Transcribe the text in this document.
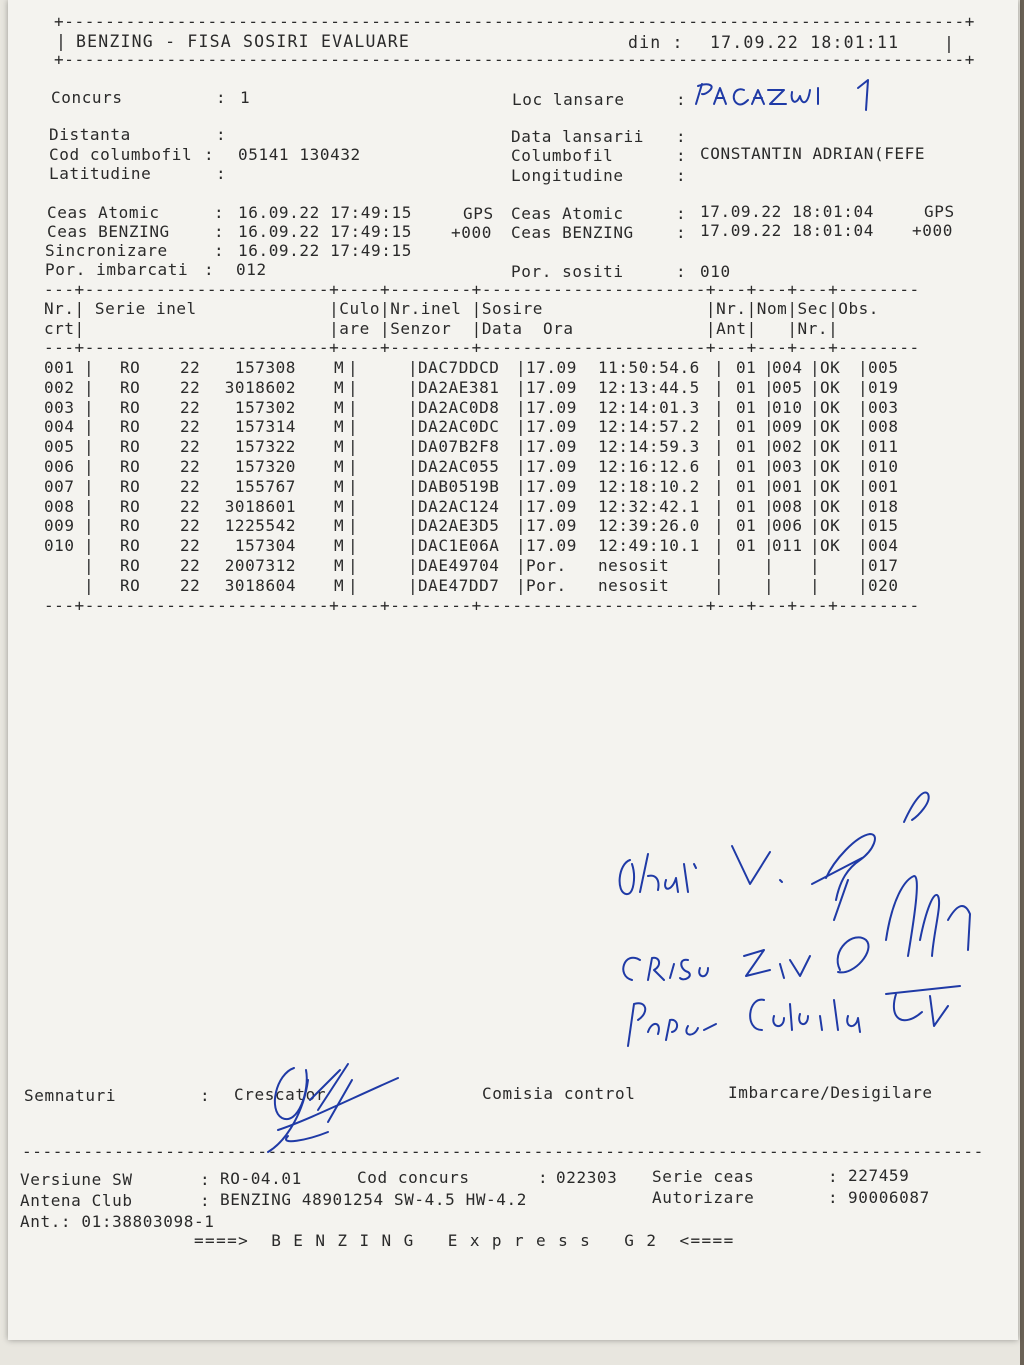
+----------------------------------------------------------------------------------------+
| BENZING - FISA SOSIRI EVALUARE	din : 17.09.22 18:01:11	|
+----------------------------------------------------------------------------------------+
Concurs	: 1	Loc lansare	:
Distanta	:	Data lansarii :
Cod columbofil : 05141 130432	Columbofil	: CONSTANTIN ADRIAN(FEFE
Latitudine	:	Longitudine	:
Ceas Atomic	: 16.09.22 17:49:15	GPS Ceas Atomic	: 17.09.22 18:01:04	GPS
Ceas BENZING	: 16.09.22 17:49:15 +000 Ceas BENZING	: 17.09.22 18:01:04 +000
Sincronizare	: 16.09.22 17:49:15
Por. imbarcati : 012	Por. sositi	: 010
---+------------------------+----+--------+----------------------+---+---+---+--------
Nr.| Serie inel             |Culo|Nr.inel |Sosire                |Nr.|Nom|Sec|Obs.
crt|                        |are |Senzor  |Data  Ora             |Ant|   |Nr.|
---+------------------------+----+--------+----------------------+---+---+---+--------
001	RO 22	157308 M	DAC7DDCD 17.09 11:50:54.6 01 004 OK 005
|	|	|	|	| | | |
002	RO 22	3018602 M	DA2AE381 17.09 12:13:44.5 01 005 OK 019
|	|	|	|	| | | |
003	RO 22	157302 M	DA2AC0D8 17.09 12:14:01.3 01 010 OK 003
|	|	|	|	| | | |
004	RO 22	157314 M	DA2AC0DC 17.09 12:14:57.2 01 009 OK 008
|	|	|	|	| | | |
005	RO 22	157322 M	DA07B2F8 17.09 12:14:59.3 01 002 OK 011
|	|	|	|	| | | |
006	RO 22	157320 M	DA2AC055 17.09 12:16:12.6 01 003 OK 010
|	|	|	|	| | | |
007	RO 22	155767 M	DAB0519B 17.09 12:18:10.2 01 001 OK 001
|	|	|	|	| | | |
008	RO 22	3018601 M	DA2AC124 17.09 12:32:42.1 01 008 OK 018
|	|	|	|	| | | |
009	RO 22	1225542 M	DA2AE3D5 17.09 12:39:26.0 01 006 OK 015
|	|	|	|	| | | |
010	RO 22	157304 M	DAC1E06A 17.09 12:49:10.1 01 011 OK 004
|	|	|	|	| | | |
RO 22	2007312 M	DAE49704 Por. nesosit	017
|	|	|	|	| | | |
RO 22	3018604 M	DAE47DD7 Por. nesosit	020
|	|	|	|	| | | |
---+------------------------+----+--------+----------------------+---+---+---+--------
Semnaturi	: Crescator	Comisia control	Imbarcare/Desigilare
----------------------------------------------------------------------------------------------
Versiune SW	: RO-04.01	Cod concurs	: 022303 Serie ceas	: 227459
Antena Club	: BENZING 48901254 SW-4.5 HW-4.2	Autorizare	: 90006087
Ant.: 01:38803098-1
====>  B E N Z I N G   E x p r e s s   G 2  <====
